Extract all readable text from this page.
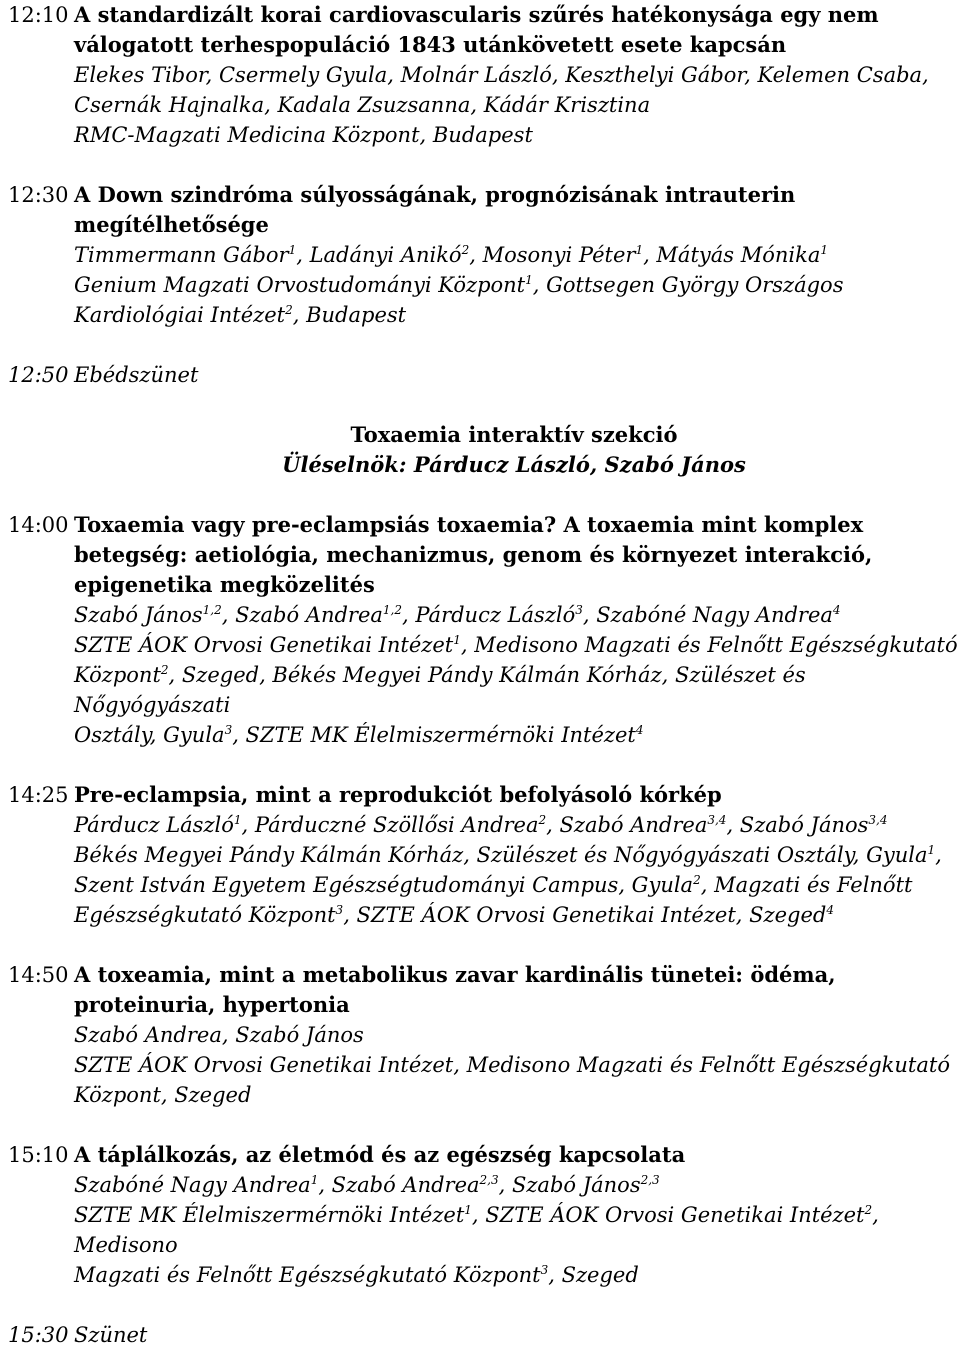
12:10 A standardizált korai cardiovascularis szűrés hatékonysága egy nem
válogatott terhespopuláció 1843 utánkövetett esete kapcsán
Elekes Tibor, Csermely Gyula, Molnár László, Keszthelyi Gábor, Kelemen Csaba,
Csernák Hajnalka, Kadala Zsuzsanna, Kádár Krisztina
RMC-Magzati Medicina Központ, Budapest
12:30 A Down szindróma súlyosságának, prognózisának intrauterin
megítélhetősége
Timmermann Gábor$^1$, Ladányi Anikó$^2$, Mosonyi Péter$^1$, Mátyás Mónika$^1$
Genium Magzati Orvostudományi Központ$^1$, Gottsegen György Országos
Kardiológiai Intézet$^2$, Budapest
12:50 Ebédszünet
Toxaemia interaktív szekció
Üléselnök: Párducz László, Szabó János
14:00 Toxaemia vagy pre-eclampsiás toxaemia? A toxaemia mint komplex
betegség: aetiológia, mechanizmus, genom és környezet interakció,
epigenetika megközelités
Szabó János$^{1,2}$, Szabó Andrea$^{1,2}$, Párducz László$^3$, Szabóné Nagy Andrea$^4$
SZTE ÁOK Orvosi Genetikai Intézet$^1$, Medisono Magzati és Felnőtt Egészségkutató
Központ$^2$, Szeged, Békés Megyei Pándy Kálmán Kórház, Szülészet és Nőgyógyászati
Osztály, Gyula$^3$, SZTE MK Élelmiszermérnöki Intézet$^4$
14:25 Pre-eclampsia, mint a reprodukciót befolyásoló kórkép
Párducz László$^1$, Párduczné Szöllősi Andrea$^2$, Szabó Andrea$^{3,4}$, Szabó János$^{3,4}$
Békés Megyei Pándy Kálmán Kórház, Szülészet és Nőgyógyászati Osztály, Gyula$^1$,
Szent István Egyetem Egészségtudományi Campus, Gyula$^2$, Magzati és Felnőtt
Egészségkutató Központ$^3$, SZTE ÁOK Orvosi Genetikai Intézet, Szeged$^4$
14:50 A toxeamia, mint a metabolikus zavar kardinális tünetei: ödéma,
proteinuria, hypertonia
Szabó Andrea, Szabó János
SZTE ÁOK Orvosi Genetikai Intézet, Medisono Magzati és Felnőtt Egészségkutató
Központ, Szeged
15:10 A táplálkozás, az életmód és az egészség kapcsolata
Szabóné Nagy Andrea$^1$, Szabó Andrea$^{2,3}$, Szabó János$^{2,3}$
SZTE MK Élelmiszermérnöki Intézet$^1$, SZTE ÁOK Orvosi Genetikai Intézet$^2$, Medisono
Magzati és Felnőtt Egészségkutató Központ$^3$, Szeged
15:30 Szünet
